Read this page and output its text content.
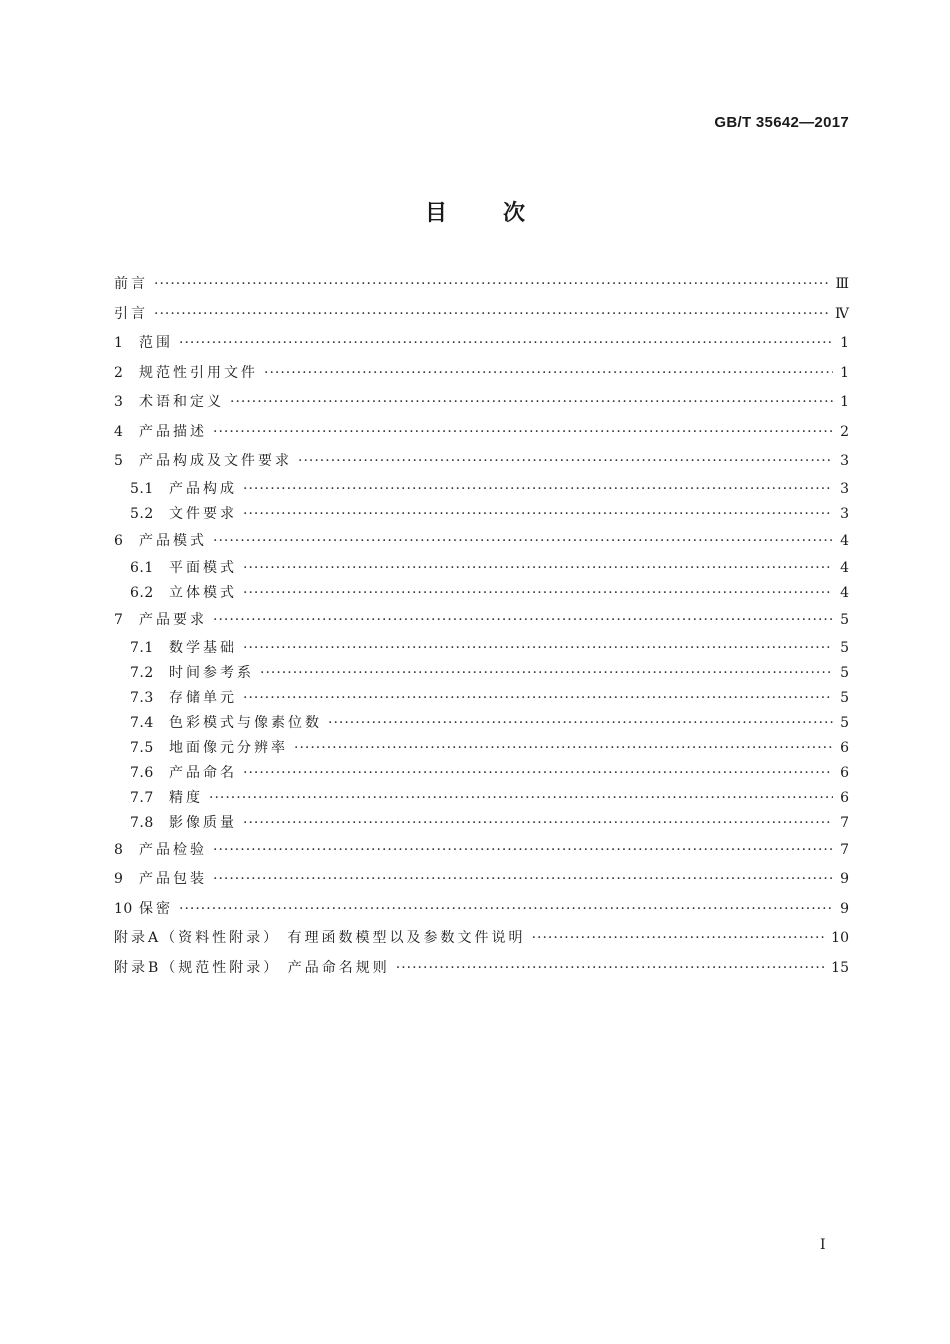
GB/T 35642—2017
目次
前言 ·····	Ⅲ
引言 ·····	Ⅳ
1	范围 ·····	1
2	规范性引用文件 ·····	1
3	术语和定义 ·····	1
4	产品描述 ·····	2
5	产品构成及文件要求 ·····	3
5.1	产品构成 ·····	3
5.2	文件要求 ·····	3
6	产品模式 ·····	4
6.1	平面模式 ·····	4
6.2	立体模式 ·····	4
7	产品要求 ·····	5
7.1	数学基础 ·····	5
7.2	时间参考系 ·····	5
7.3	存储单元 ·····	5
7.4	色彩模式与像素位数 ·····	5
7.5	地面像元分辨率 ·····	6
7.6	产品命名 ·····	6
7.7	精度 ·····	6
7.8	影像质量 ·····	7
8	产品检验 ·····	7
9	产品包装 ·····	9
10 保密 ·····	9
附录A（资料性附录） 有理函数模型以及参数文件说明 ·····	10
附录B（规范性附录） 产品命名规则 ·····	15
Ⅰ
